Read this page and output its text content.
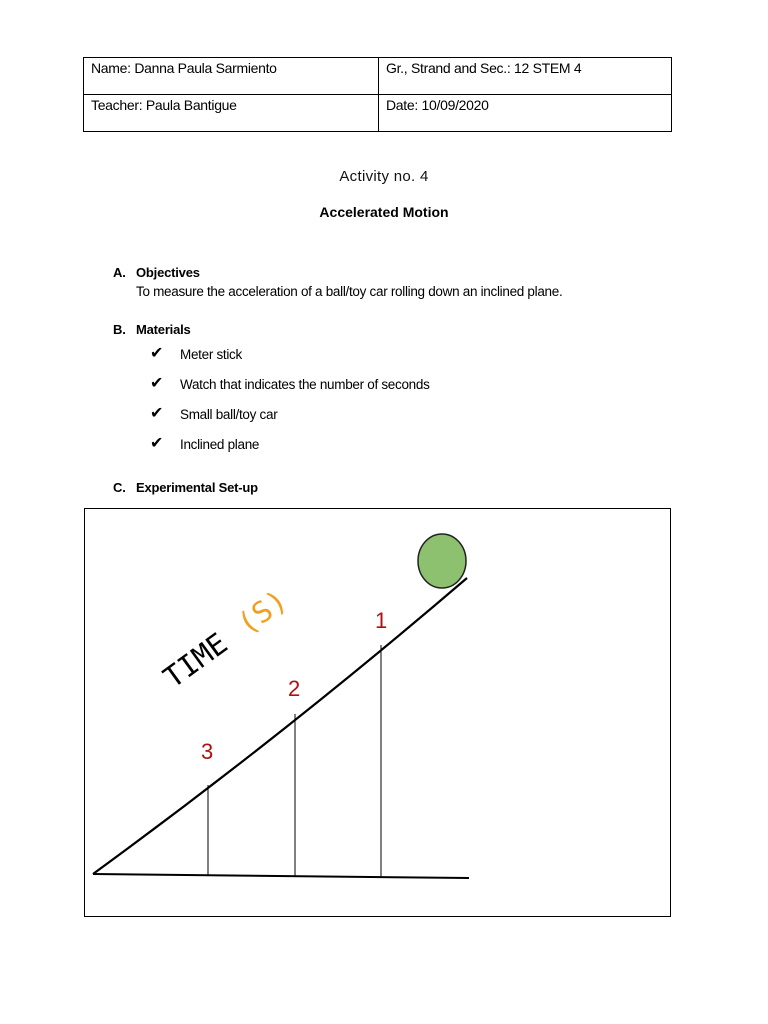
Name: Danna Paula Sarmiento	Gr., Strand and Sec.: 12 STEM 4
Teacher: Paula Bantigue	Date: 10/09/2020
Activity no. 4
Accelerated Motion
A. Objectives
To measure the acceleration of a ball/toy car rolling down an inclined plane.
B. Materials
✔	Meter stick
✔	Watch that indicates the number of seconds
✔	Small ball/toy car
✔	Inclined plane
C. Experimental Set-up
1
2
3
TIME (S)
